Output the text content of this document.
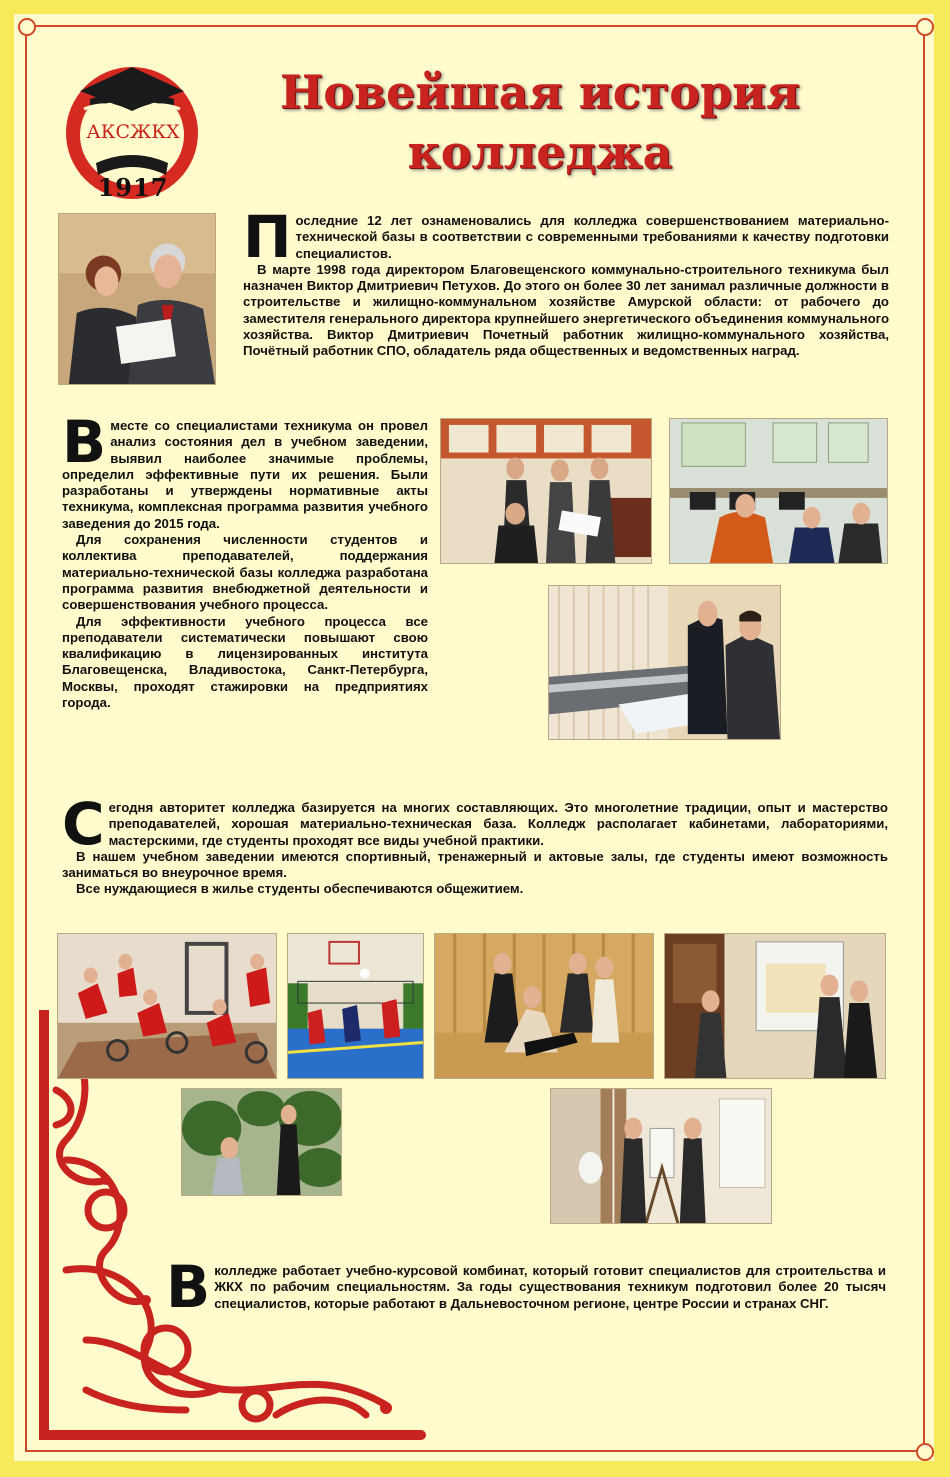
АКСЖКХ
1917
Новейшая история
колледжа

Последние 12 лет ознаменовались для колледжа совершенствованием материально-технической базы в соответствии с современными требованиями к качеству подготовки специалистов.

В марте 1998 года директором Благовещенского коммунально-строительного техникума был назначен Виктор Дмитриевич Петухов. До этого он более 30 лет занимал различные должности в строительстве и жилищно-коммунальном хозяйстве Амурской области: от рабочего до заместителя генерального директора крупнейшего энергетического объединения коммунального хозяйства. Виктор Дмитриевич Почетный работник жилищно-коммунального хозяйства, Почётный работник СПО, обладатель ряда общественных и ведомственных наград.

Вместе со специалистами техникума он провел анализ состояния дел в учебном заведении, выявил наиболее значимые проблемы, определил эффективные пути их решения. Были разработаны и утверждены нормативные акты техникума, комплексная программа развития учебного заведения до 2015 года.

Для сохранения численности студентов и коллектива преподавателей, поддержания материально-технической базы колледжа разработана программа развития внебюджетной деятельности и совершенствования учебного процесса.

Для эффективности учебного процесса все преподаватели систематически повышают свою квалификацию в лицензированных института Благовещенска, Владивостока, Санкт-Петербурга, Москвы, проходят стажировки на предприятиях города.

Сегодня авторитет колледжа базируется на многих составляющих. Это многолетние традиции, опыт и мастерство преподавателей, хорошая материально-техническая база. Колледж располагает кабинетами, лабораториями, мастерскими, где студенты проходят все виды учебной практики.

В нашем учебном заведении имеются спортивный, тренажерный и актовые залы, где студенты имеют возможность заниматься во внеурочное время.

Все нуждающиеся в жилье студенты обеспечиваются общежитием.

Вколледже работает учебно-курсовой комбинат, который готовит специалистов для строительства и ЖКХ по рабочим специальностям. За годы существования техникум подготовил более 20 тысяч специалистов, которые работают в Дальневосточном регионе, центре России и странах СНГ.
